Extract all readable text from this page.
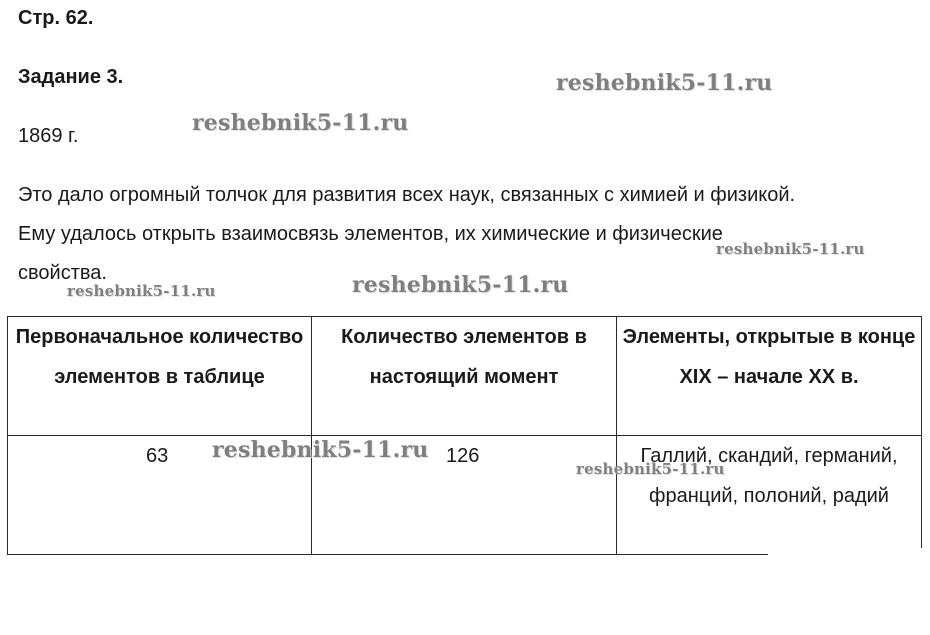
Стр. 62.

Задание 3.

1869 г.

Это дало огромный толчок для развития всех наук, связанных с химией и физикой.
Ему удалось открыть взаимосвязь элементов, их химические и физические
свойства.
Первоначальное количество элементов в таблице	Количество элементов в настоящий момент	Элементы, открытые в конце XIX – начале XX в.

63	126	Галлий, скандий, германий, франций, полоний, радий
reshebnik5-11.ru
reshebnik5-11.ru
reshebnik5-11.ru
reshebnik5-11.ru	reshebnik5-11.ru
reshebnik5-11.ru
reshebnik5-11.ru
